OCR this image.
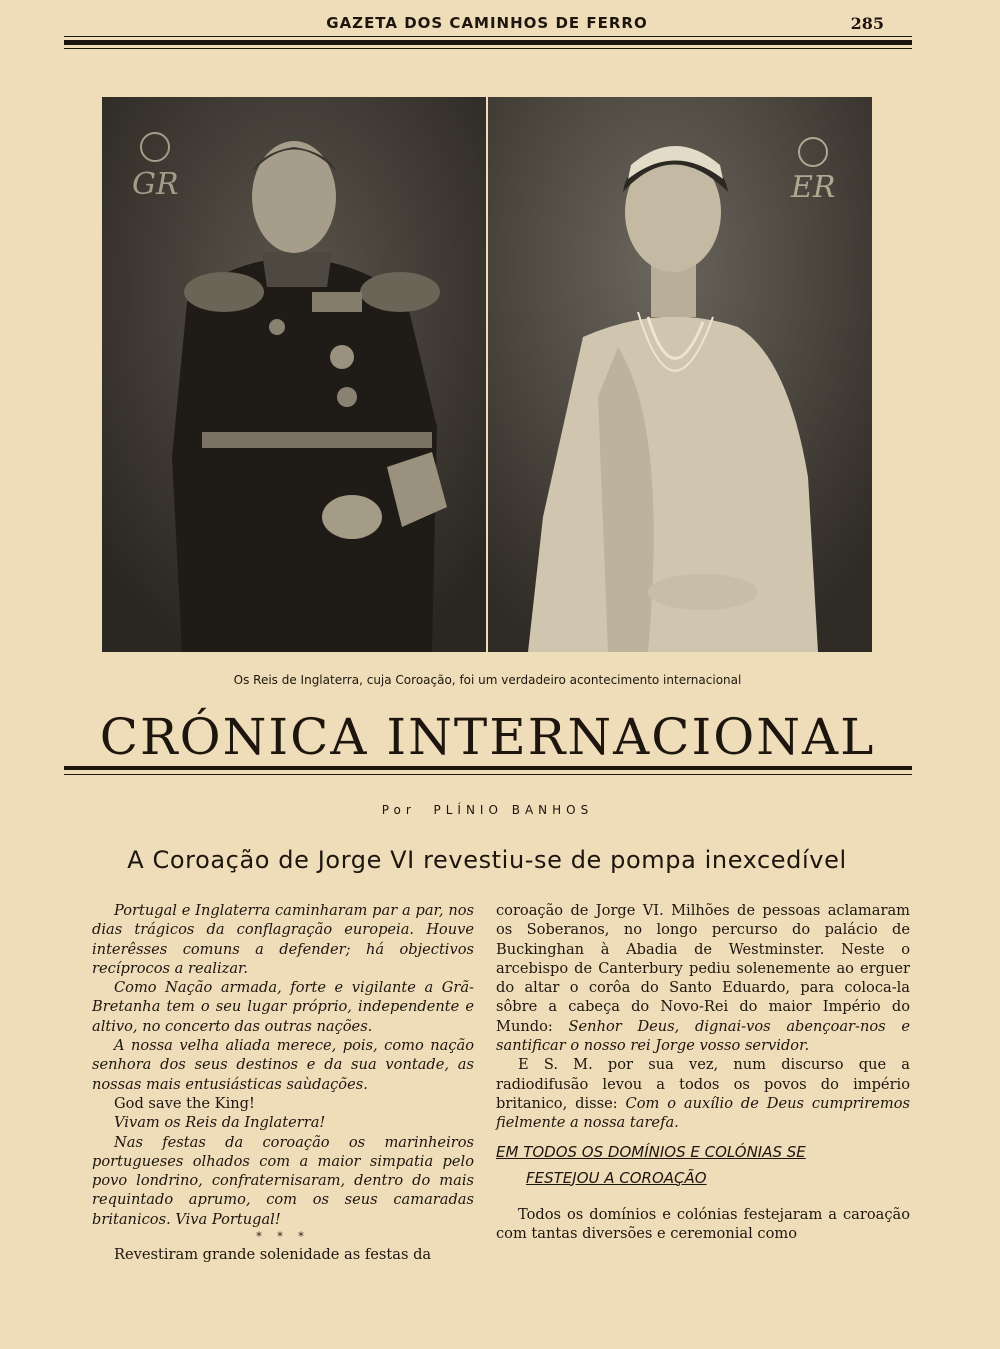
GAZETA DOS CAMINHOS DE FERRO	285
GR	ER
Os Reis de Inglaterra, cuja Coroação, foi um verdadeiro acontecimento internacional
CRÓNICA INTERNACIONAL
Por PLÍNIO BANHOS
A Coroação de Jorge VI revestiu-se de pompa inexcedível

Portugal e Inglaterra caminharam par a par, nos dias trágicos da conflagração europeia. Houve interêsses comuns a defender; há objectivos recíprocos a realizar.

Como Nação armada, forte e vigilante a Grã-Bretanha tem o seu lugar próprio, independente e altivo, no concerto das outras nações.

A nossa velha aliada merece, pois, como nação senhora dos seus destinos e da sua vontade, as nossas mais entusiásticas saùdações.

God save the King!

Vivam os Reis da Inglaterra!

Nas festas da coroação os marinheiros portugueses olhados com a maior simpatia pelo povo londrino, confraternisaram, dentro do mais requintado aprumo, com os seus camaradas britanicos. Viva Portugal!

* * *

Revestiram grande solenidade as festas da

coroação de Jorge VI. Milhões de pessoas aclamaram os Soberanos, no longo percurso do palácio de Buckinghan à Abadia de Westminster. Neste o arcebispo de Canterbury pediu solenemente ao erguer do altar o corôa do Santo Eduardo, para coloca-la sôbre a cabeça do Novo-Rei do maior Império do Mundo: Senhor Deus, dignai-vos abençoar-nos e santificar o nosso rei Jorge vosso servidor.

E S. M. por sua vez, num discurso que a radiodifusão levou a todos os povos do império britanico, disse: Com o auxílio de Deus cumpriremos fielmente a nossa tarefa.

EM TODOS OS DOMÍNIOS E COLÓNIAS SE

FESTEJOU A COROAÇÃO

Todos os domínios e colónias festejaram a caroação com tantas diversões e ceremonial como
